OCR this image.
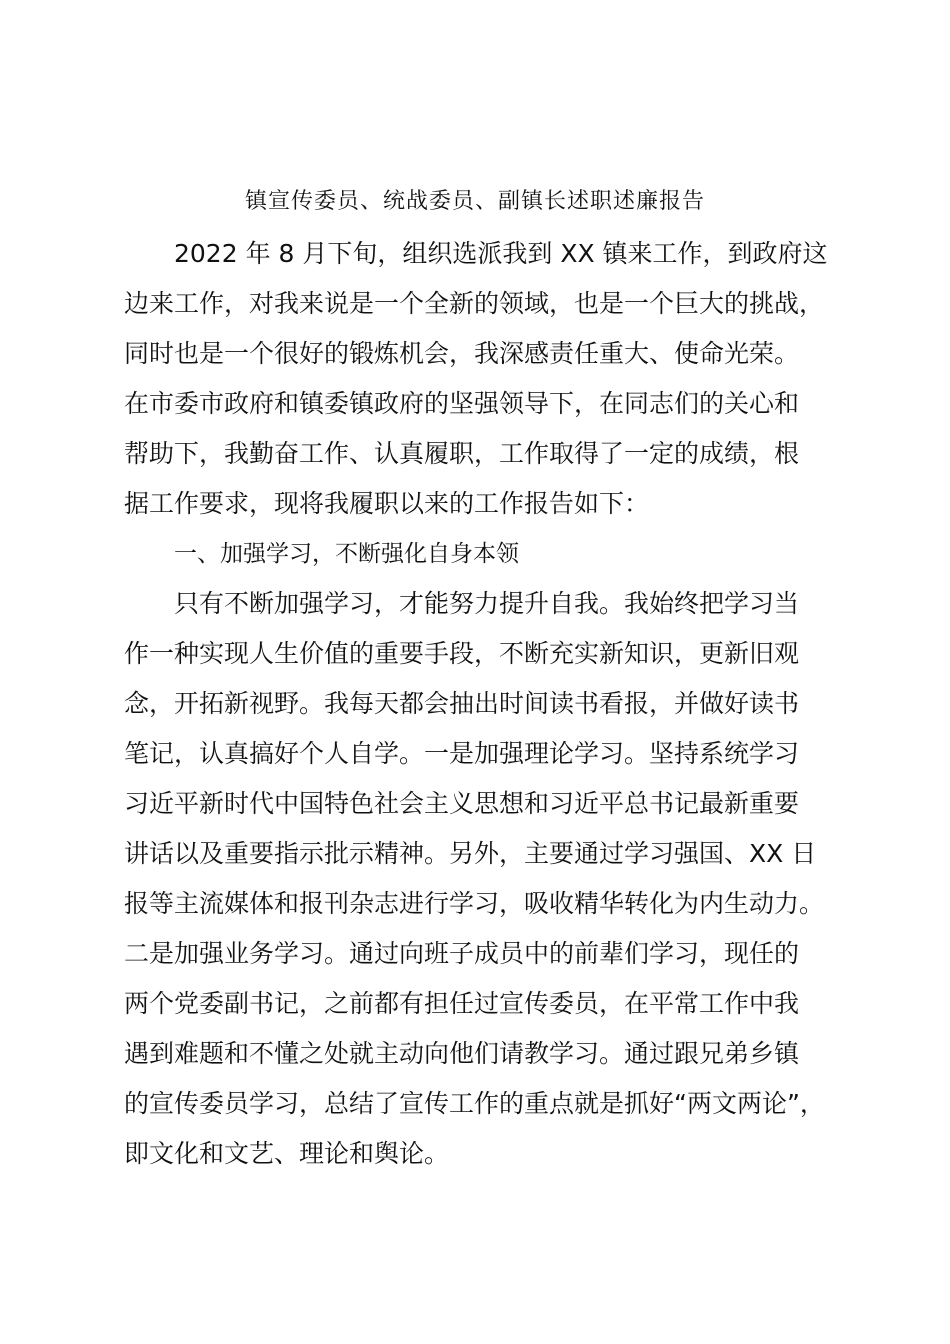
镇宣传委员、统战委员、副镇长述职述廉报告
2022 年 8 月下旬，组织选派我到 XX 镇来工作，到政府这
边来工作，对我来说是一个全新的领域，也是一个巨大的挑战，
同时也是一个很好的锻炼机会，我深感责任重大、使命光荣。
在市委市政府和镇委镇政府的坚强领导下，在同志们的关心和
帮助下，我勤奋工作、认真履职，工作取得了一定的成绩，根
据工作要求，现将我履职以来的工作报告如下：
一、加强学习，不断强化自身本领
只有不断加强学习，才能努力提升自我。我始终把学习当
作一种实现人生价值的重要手段，不断充实新知识，更新旧观
念，开拓新视野。我每天都会抽出时间读书看报，并做好读书
笔记，认真搞好个人自学。一是加强理论学习。坚持系统学习
习近平新时代中国特色社会主义思想和习近平总书记最新重要
讲话以及重要指示批示精神。另外，主要通过学习强国、XX 日
报等主流媒体和报刊杂志进行学习，吸收精华转化为内生动力。
二是加强业务学习。通过向班子成员中的前辈们学习，现任的
两个党委副书记，之前都有担任过宣传委员，在平常工作中我
遇到难题和不懂之处就主动向他们请教学习。通过跟兄弟乡镇
的宣传委员学习，总结了宣传工作的重点就是抓好“两文两论”，
即文化和文艺、理论和舆论。
